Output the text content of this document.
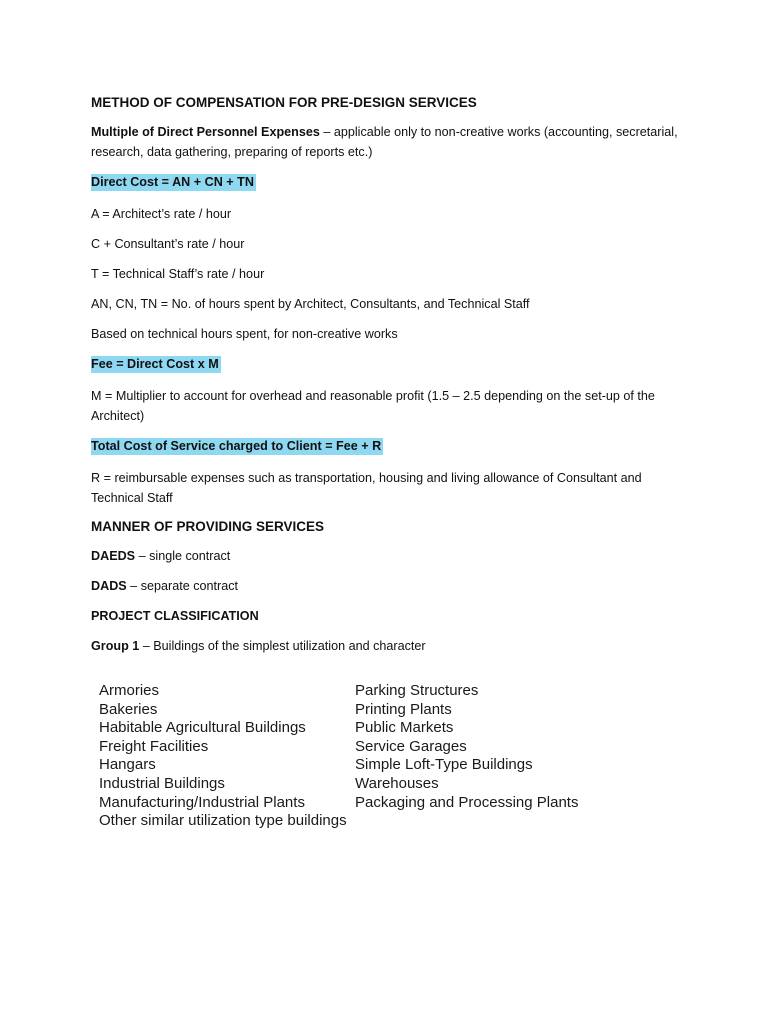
METHOD OF COMPENSATION FOR PRE-DESIGN SERVICES
Multiple of Direct Personnel Expenses – applicable only to non-creative works (accounting, secretarial, research, data gathering, preparing of reports etc.)
Direct Cost = AN + CN + TN
A = Architect’s rate / hour
C + Consultant’s rate / hour
T = Technical Staff’s rate / hour
AN, CN, TN = No. of hours spent by Architect, Consultants, and Technical Staff
Based on technical hours spent, for non-creative works
Fee = Direct Cost x M
M = Multiplier to account for overhead and reasonable profit (1.5 – 2.5 depending on the set-up of the Architect)
Total Cost of Service charged to Client = Fee + R
R = reimbursable expenses such as transportation, housing and living allowance of Consultant and Technical Staff
MANNER OF PROVIDING SERVICES
DAEDS – single contract
DADS – separate contract
PROJECT CLASSIFICATION
Group 1 – Buildings of the simplest utilization and character
Armories
Bakeries
Habitable Agricultural Buildings
Freight Facilities
Hangars
Industrial Buildings
Manufacturing/Industrial Plants
Other similar utilization type buildings
Parking Structures
Printing Plants
Public Markets
Service Garages
Simple Loft-Type Buildings
Warehouses
Packaging and Processing Plants
